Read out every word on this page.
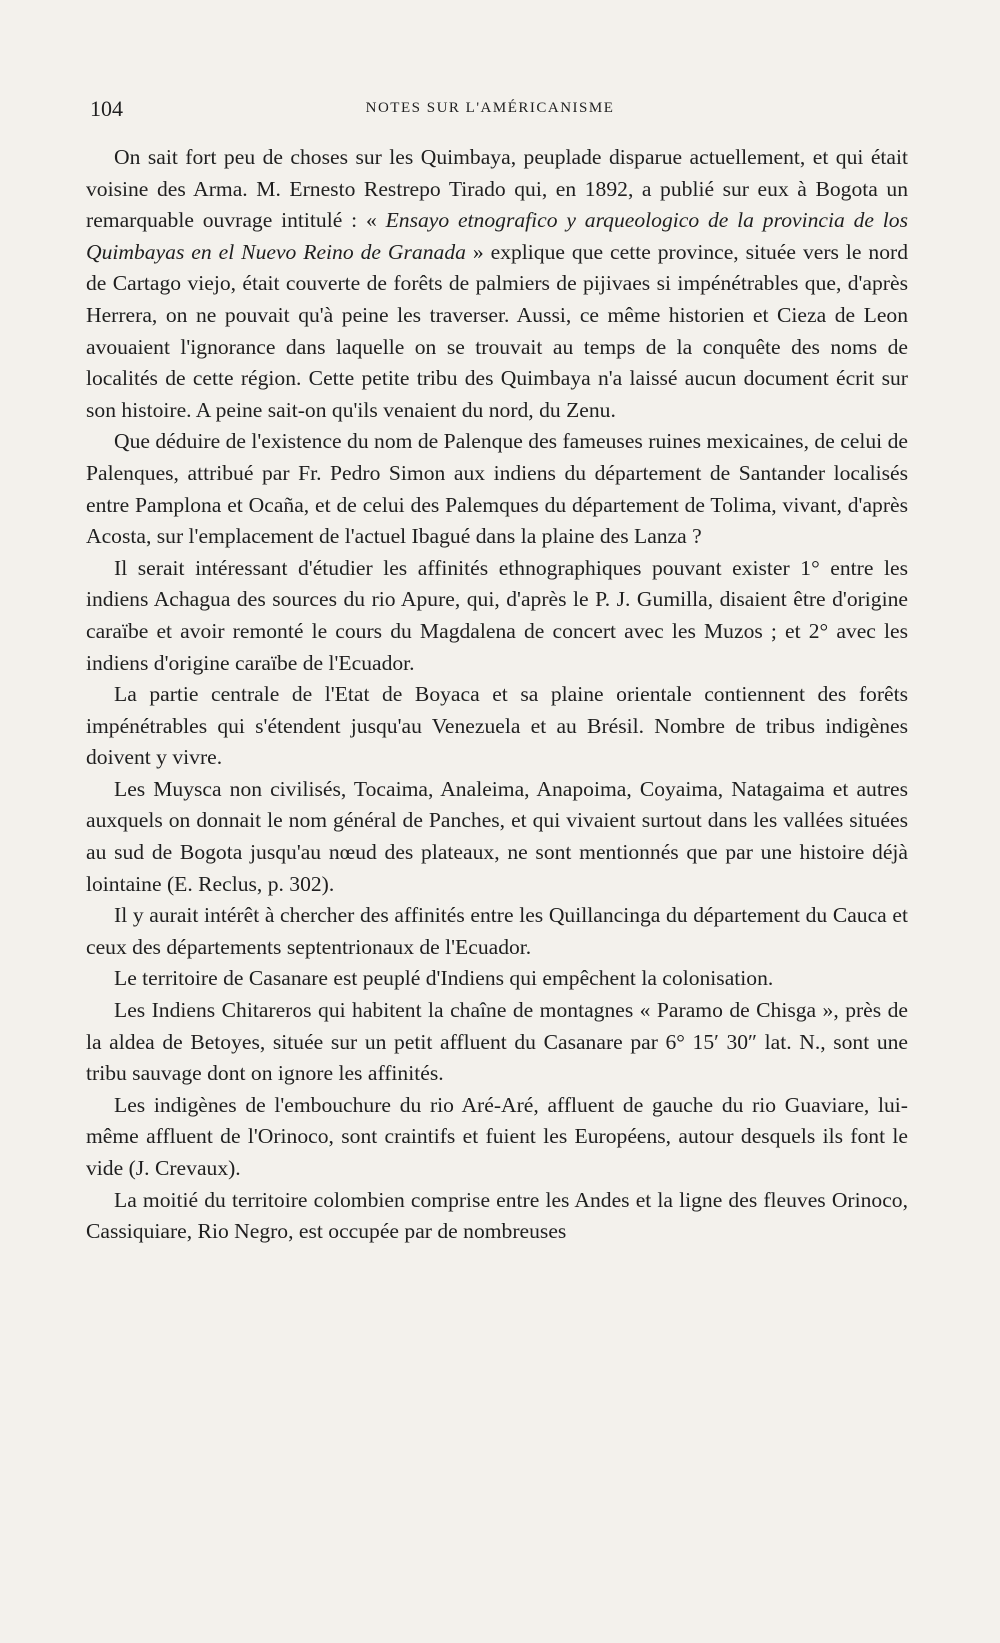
104	NOTES SUR L'AMÉRICANISME

On sait fort peu de choses sur les Quimbaya, peuplade disparue actuellement, et qui était voisine des Arma. M. Ernesto Restrepo Tirado qui, en 1892, a publié sur eux à Bogota un remarquable ouvrage intitulé : « Ensayo etnografico y arqueologico de la provincia de los Quimbayas en el Nuevo Reino de Granada » explique que cette province, située vers le nord de Cartago viejo, était couverte de forêts de palmiers de pijivaes si impénétrables que, d'après Herrera, on ne pouvait qu'à peine les traverser. Aussi, ce même historien et Cieza de Leon avouaient l'ignorance dans laquelle on se trouvait au temps de la conquête des noms de localités de cette région. Cette petite tribu des Quimbaya n'a laissé aucun document écrit sur son histoire. A peine sait-on qu'ils venaient du nord, du Zenu.

Que déduire de l'existence du nom de Palenque des fameuses ruines mexicaines, de celui de Palenques, attribué par Fr. Pedro Simon aux indiens du département de Santander localisés entre Pamplona et Ocaña, et de celui des Palemques du département de Tolima, vivant, d'après Acosta, sur l'emplacement de l'actuel Ibagué dans la plaine des Lanza ?

Il serait intéressant d'étudier les affinités ethnographiques pouvant exister 1° entre les indiens Achagua des sources du rio Apure, qui, d'après le P. J. Gumilla, disaient être d'origine caraïbe et avoir remonté le cours du Magdalena de concert avec les Muzos ; et 2° avec les indiens d'origine caraïbe de l'Ecuador.

La partie centrale de l'Etat de Boyaca et sa plaine orientale contiennent des forêts impénétrables qui s'étendent jusqu'au Venezuela et au Brésil. Nombre de tribus indigènes doivent y vivre.

Les Muysca non civilisés, Tocaima, Analeima, Anapoima, Coyaima, Natagaima et autres auxquels on donnait le nom général de Panches, et qui vivaient surtout dans les vallées situées au sud de Bogota jusqu'au nœud des plateaux, ne sont mentionnés que par une histoire déjà lointaine (E. Reclus, p. 302).

Il y aurait intérêt à chercher des affinités entre les Quillancinga du département du Cauca et ceux des départements septentrionaux de l'Ecuador.

Le territoire de Casanare est peuplé d'Indiens qui empêchent la colonisation.

Les Indiens Chitareros qui habitent la chaîne de montagnes « Paramo de Chisga », près de la aldea de Betoyes, située sur un petit affluent du Casanare par 6° 15′ 30″ lat. N., sont une tribu sauvage dont on ignore les affinités.

Les indigènes de l'embouchure du rio Aré-Aré, affluent de gauche du rio Guaviare, lui-même affluent de l'Orinoco, sont craintifs et fuient les Européens, autour desquels ils font le vide (J. Crevaux).

La moitié du territoire colombien comprise entre les Andes et la ligne des fleuves Orinoco, Cassiquiare, Rio Negro, est occupée par de nombreuses
